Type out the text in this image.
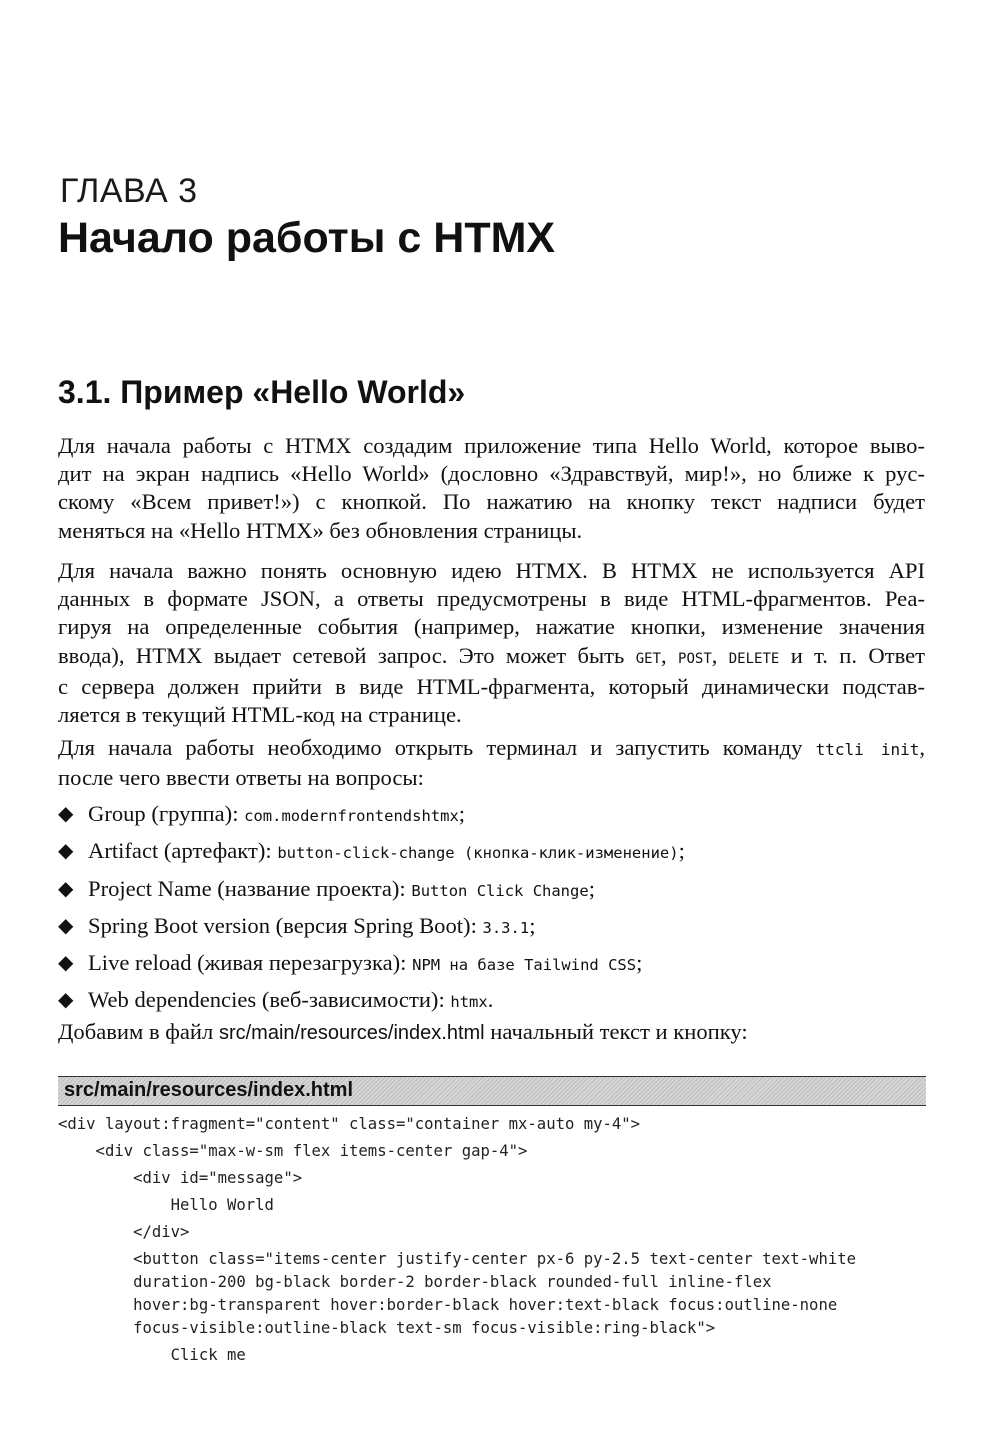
ГЛАВА 3
Начало работы с HTMX
3.1. Пример «Hello World»

Для начала работы с HTMX создадим приложение типа Hello World, которое выво-
дит на экран надпись «Hello World» (дословно «Здравствуй, мир!», но ближе к рус-
скому «Всем привет!») с кнопкой. По нажатию на кнопку текст надписи будет
меняться на «Hello HTMX» без обновления страницы.

Для начала важно понять основную идею HTMX. В HTMX не используется API
данных в формате JSON, а ответы предусмотрены в виде HTML-фрагментов. Реа-
гируя на определенные события (например, нажатие кнопки, изменение значения
ввода), HTMX выдает сетевой запрос. Это может быть GET, POST, DELETE и т. п. Ответ
с сервера должен прийти в виде HTML-фрагмента, который динамически подстав-
ляется в текущий HTML-код на странице.

Для начала работы необходимо открыть терминал и запустить команду ttcli init,
после чего ввести ответы на вопросы:

◆ Group (группа): com.modernfrontendshtmx;
◆ Artifact (артефакт): button-click-change (кнопка-клик-изменение);
◆ Project Name (название проекта): Button Click Change;
◆ Spring Boot version (версия Spring Boot): 3.3.1;
◆ Live reload (живая перезагрузка): NPM на базе Tailwind CSS;
◆ Web dependencies (веб-зависимости): htmx.
Добавим в файл src/main/resources/index.html начальный текст и кнопку:
src/main/resources/index.html
<div layout:fragment="content" class="container mx-auto my-4">
<div class="max-w-sm flex items-center gap-4">
<div id="message">
Hello World
</div>
<button class="items-center justify-center px-6 py-2.5 text-center text-white
duration-200 bg-black border-2 border-black rounded-full inline-flex
hover:bg-transparent hover:border-black hover:text-black focus:outline-none
focus-visible:outline-black text-sm focus-visible:ring-black">
Click me
